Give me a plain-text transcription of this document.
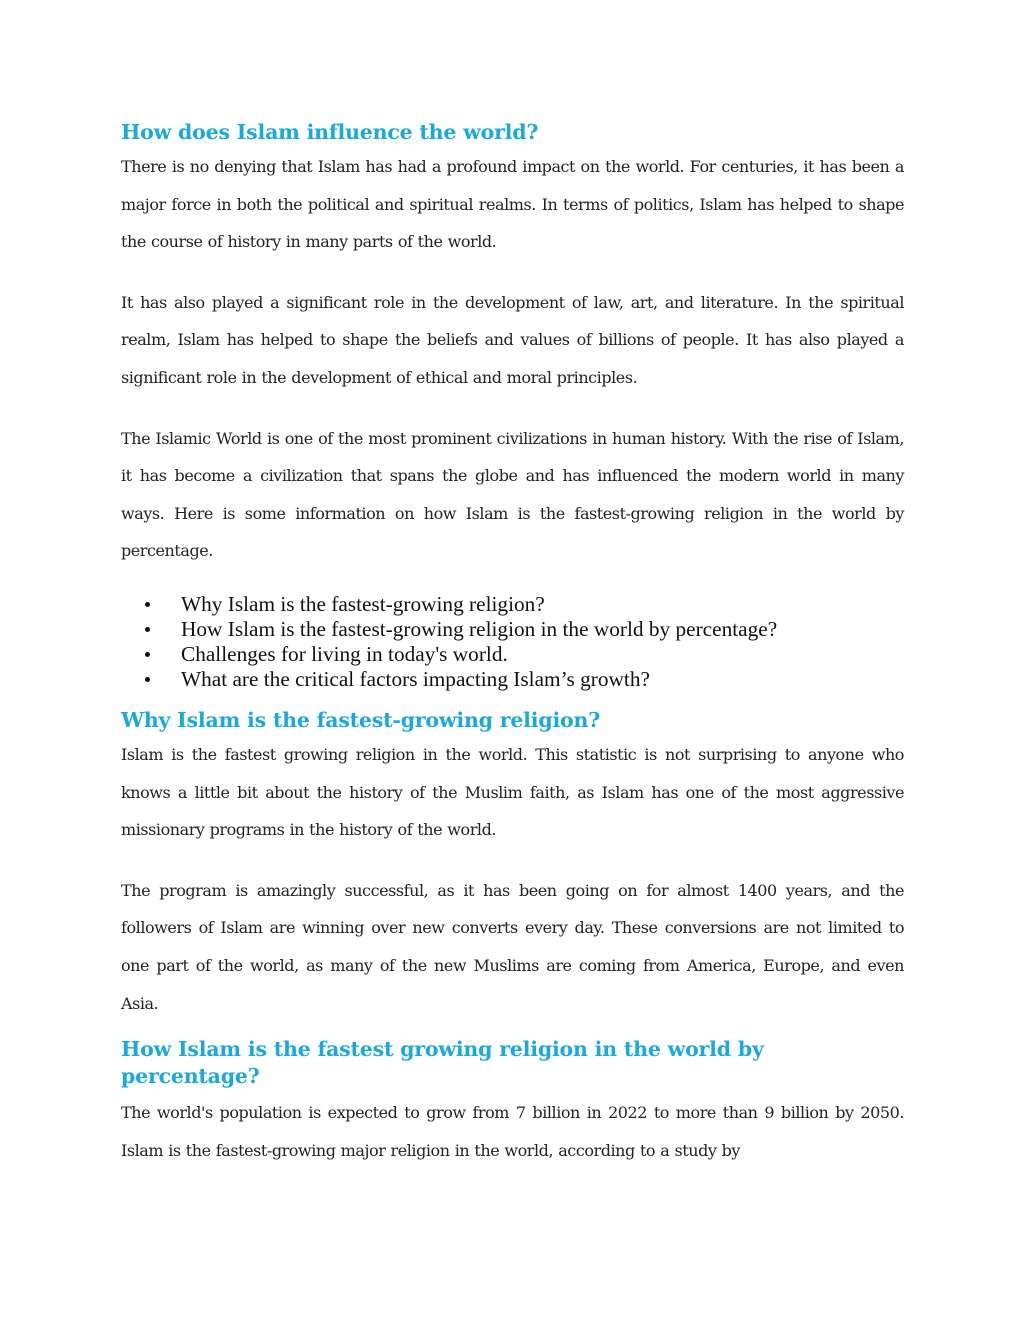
How does Islam influence the world?

There is no denying that Islam has had a profound impact on the world. For centuries, it has been a major force in both the political and spiritual realms. In terms of politics, Islam has helped to shape the course of history in many parts of the world.

It has also played a significant role in the development of law, art, and literature. In the spiritual realm, Islam has helped to shape the beliefs and values of billions of people. It has also played a significant role in the development of ethical and moral principles.

The Islamic World is one of the most prominent civilizations in human history. With the rise of Islam, it has become a civilization that spans the globe and has influenced the modern world in many ways. Here is some information on how Islam is the fastest-growing religion in the world by percentage.

Why Islam is the fastest-growing religion?
How Islam is the fastest-growing religion in the world by percentage?
Challenges for living in today's world.
What are the critical factors impacting Islam’s growth?
Why Islam is the fastest-growing religion?

Islam is the fastest growing religion in the world. This statistic is not surprising to anyone who knows a little bit about the history of the Muslim faith, as Islam has one of the most aggressive missionary programs in the history of the world.

The program is amazingly successful, as it has been going on for almost 1400 years, and the followers of Islam are winning over new converts every day. These conversions are not limited to one part of the world, as many of the new Muslims are coming from America, Europe, and even Asia.

How Islam is the fastest growing religion in the world by percentage?

The world's population is expected to grow from 7 billion in 2022 to more than 9 billion by 2050. Islam is the fastest-growing major religion in the world, according to a study by
